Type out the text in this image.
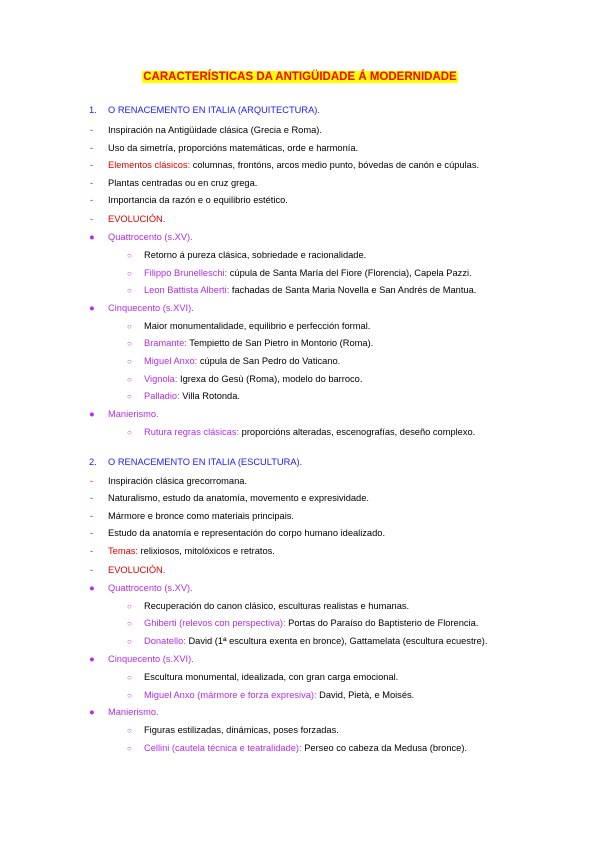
CARACTERÍSTICAS DA ANTIGÜIDADE Á MODERNIDADE
1. O RENACEMENTO EN ITALIA (ARQUITECTURA).
- Inspiración na Antigüidade clásica (Grecia e Roma).
- Uso da simetría, proporcións matemáticas, orde e harmonía.
- Elementos clásicos: columnas, frontóns, arcos medio punto, bóvedas de canón e cúpulas.
- Plantas centradas ou en cruz grega.
- Importancia da razón e o equilibrio estético.
- EVOLUCIÓN.
● Quattrocento (s.XV).
○ Retorno á pureza clásica, sobriedade e racionalidade.
○ Filippo Brunelleschi: cúpula de Santa María del Fiore (Florencia), Capela Pazzi.
○ Leon Battista Alberti: fachadas de Santa Maria Novella e San Andrés de Mantua.
● Cinquecento (s.XVI).
○ Maior monumentalidade, equilibrio e perfección formal.
○ Bramante: Tempietto de San Pietro in Montorio (Roma).
○ Miguel Anxo: cúpula de San Pedro do Vaticano.
○ Vignola: Igrexa do Gesù (Roma), modelo do barroco.
○ Palladio: Villa Rotonda.
● Manierismo.
○ Rutura regras clásicas: proporcións alteradas, escenografías, deseño complexo.
2. O RENACEMENTO EN ITALIA (ESCULTURA).
- Inspiración clásica grecorromana.
- Naturalismo, estudo da anatomía, movemento e expresividade.
- Mármore e bronce como materiais principais.
- Estudo da anatomía e representación do corpo humano idealizado.
- Temas: relixiosos, mitolóxicos e retratos.
- EVOLUCIÓN.
● Quattrocento (s.XV).
○ Recuperación do canon clásico, esculturas realistas e humanas.
○ Ghiberti (relevos con perspectiva): Portas do Paraíso do Baptisterio de Florencia.
○ Donatello: David (1ª escultura exenta en bronce), Gattamelata (escultura ecuestre).
● Cinquecento (s.XVI).
○ Escultura monumental, idealizada, con gran carga emocional.
○ Miguel Anxo (mármore e forza expresiva): David, Pietà, e Moisés.
● Manierismo.
○ Figuras estilizadas, dinámicas, poses forzadas.
○ Cellini (cautela técnica e teatralidade): Perseo co cabeza da Medusa (bronce).
